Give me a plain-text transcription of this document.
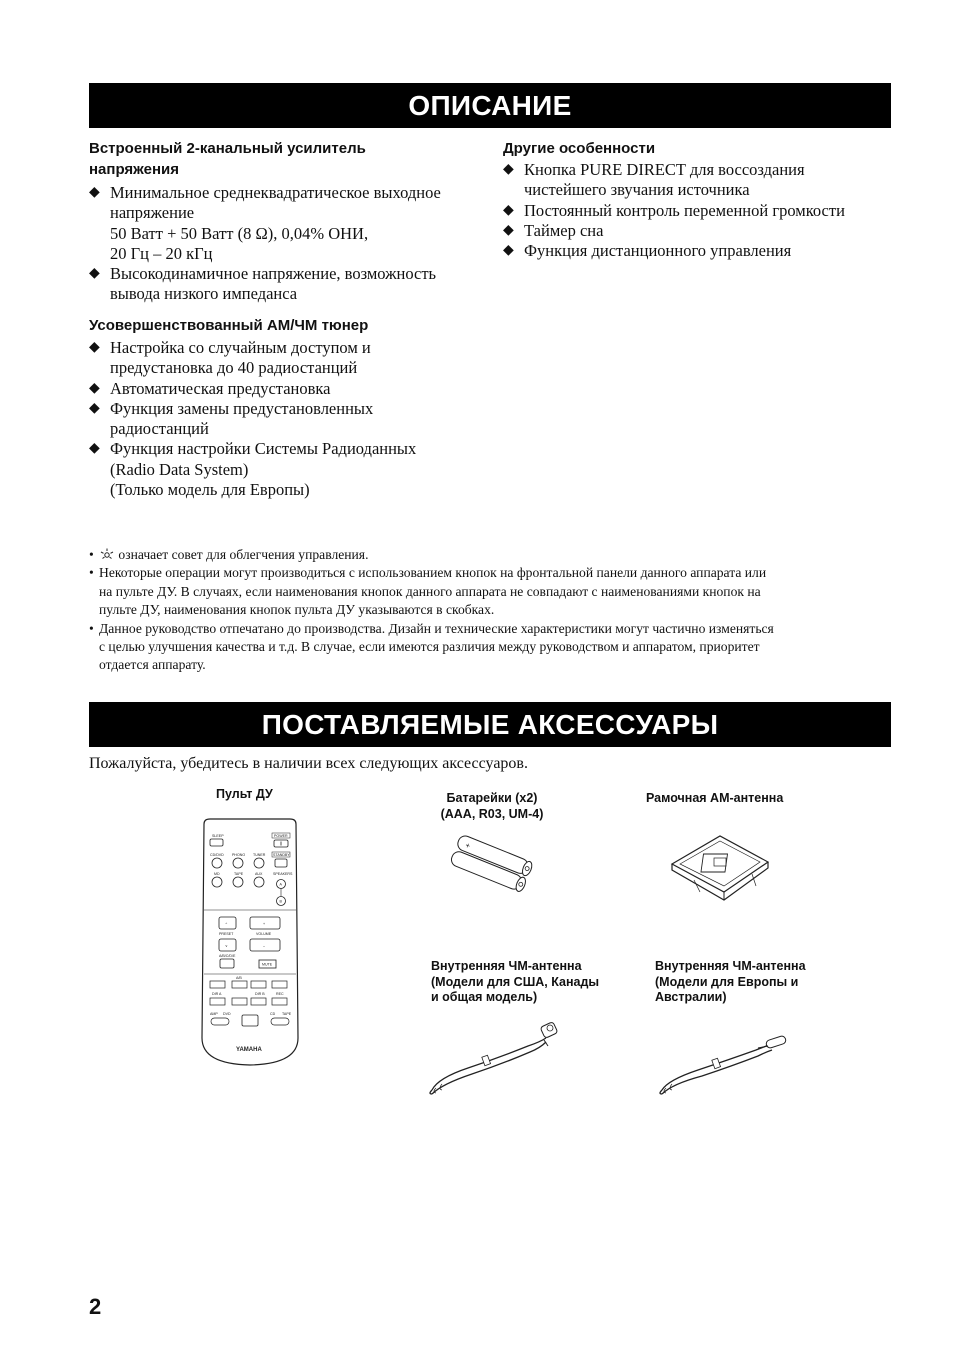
ОПИСАНИЕ
Встроенный 2-канальный усилитель
напряжения
◆ Минимальное среднеквадратическое выходное
напряжение
50 Ватт + 50 Ватт (8 Ω), 0,04% ОНИ,
20 Гц – 20 кГц
◆ Высокодинамичное напряжение, возможность
вывода низкого импеданса
Усовершенствованный AM/ЧМ тюнер
◆ Настройка со случайным доступом и
предустановка до 40 радиостанций
◆ Автоматическая предустановка
◆ Функция замены предустановленных
радиостанций
◆ Функция настройки Системы Радиоданных
(Radio Data System)
(Только модель для Европы)
Другие особенности
◆ Кнопка PURE DIRECT для воссоздания
чистейшего звучания источника
◆ Постоянный контроль переменной громкости
◆ Таймер сна
◆ Функция дистанционного управления
• означает совет для облегчения управления.
• Некоторые операции могут производиться с использованием кнопок на фронтальной панели данного аппарата или
на пульте ДУ. В случаях, если наименования кнопок данного аппарата не совпадают с наименованиями кнопок на
пульте ДУ, наименования кнопок пульта ДУ указываются в скобках.
• Данное руководство отпечатано до производства. Дизайн и технические характеристики могут частично изменяться
с целью улучшения качества и т.д. В случае, если имеются различия между руководством и аппаратом, приоритет
отдается аппарату.
ПОСТАВЛЯЕМЫЕ АКСЕССУАРЫ
Пожалуйста, убедитесь в наличии всех следующих аксессуаров.
Пульт ДУ	Батарейки (x2)
(AAA, R03, UM-4)
Рамочная AM-антенна
Внутренняя ЧМ-антенна
(Модели для США, Канады
и общая модель)
Внутренняя ЧМ-антенна
(Модели для Европы и
Австралии)
SLEEP	POWER
CD/DVD PHONO TUNER STANDBY
MD	TAPE	AUX	SPEAKERS
A
B
^	+
PRESET	VOLUME
v	–
A/B/C/D/E
MUTE
A/B
DIR A	DIR B	REC
AMP DVD	CD TAPE
YAMAHA
+
2
